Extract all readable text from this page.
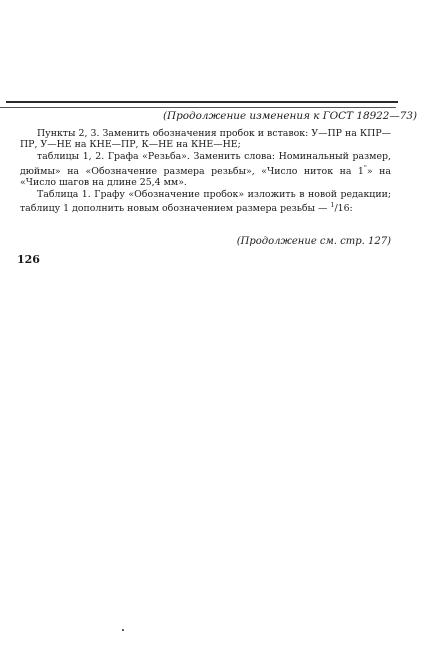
(Продолжение изменения к ГОСТ 18922—73)

Пункты 2, 3. Заменить обозначения пробок и вставок: У—ПР на КПР—ПР, У—НЕ на КНЕ—ПР, К—НЕ на КНЕ—НЕ;

таблицы 1, 2. Графа «Резьба». Заменить слова: Номинальный размер, дюймы» на «Обозначение размера резьбы», «Число ниток на 1"» на «Число шагов на длине 25,4 мм».

Таблица 1. Графу «Обозначение пробок» изложить в новой редакции; таблицу 1 дополнить новым обозначением размера резьбы — $^1$/16:

(Продолжение см. стр. 127)
126
